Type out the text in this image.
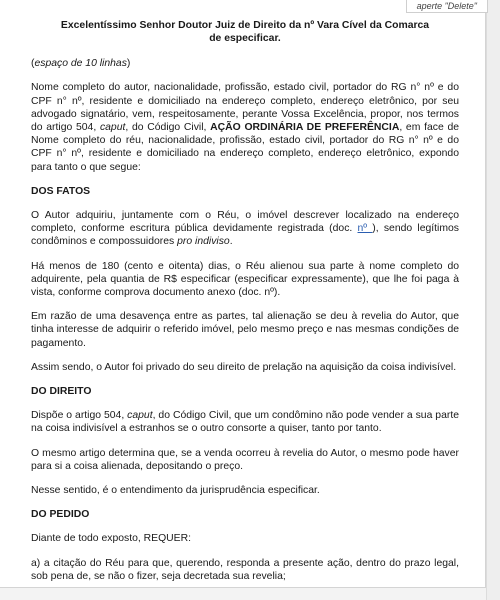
Excelentíssimo Senhor Doutor Juiz de Direito da nº Vara Cível da Comarca
de especificar.

(espaço de 10 linhas)

Nome completo do autor, nacionalidade, profissão, estado civil, portador do RG n° nº e do CPF n° nº, residente e domiciliado na endereço completo, endereço eletrônico, por seu advogado signatário, vem, respeitosamente, perante Vossa Excelência, propor, nos termos do artigo 504, caput, do Código Civil, AÇÃO ORDINÁRIA DE PREFERÊNCIA, em face de Nome completo do réu, nacionalidade, profissão, estado civil, portador do RG n° nº e do CPF n° nº, residente e domiciliado na endereço completo, endereço eletrônico, expondo para tanto o que segue:

DOS FATOS

O Autor adquiriu, juntamente com o Réu, o imóvel descrever localizado na endereço completo, conforme escritura pública devidamente registrada (doc. nº ), sendo legítimos condôminos e compossuidores pro indiviso.

Há menos de 180 (cento e oitenta) dias, o Réu alienou sua parte à nome completo do adquirente, pela quantia de R$ especificar (especificar expressamente), que lhe foi paga à vista, conforme comprova documento anexo (doc. nº).

Em razão de uma desavença entre as partes, tal alienação se deu à revelia do Autor, que tinha interesse de adquirir o referido imóvel, pelo mesmo preço e nas mesmas condições de pagamento.

Assim sendo, o Autor foi privado do seu direito de prelação na aquisição da coisa indivisível.

DO DIREITO

Dispõe o artigo 504, caput, do Código Civil, que um condômino não pode vender a sua parte na coisa indivisível a estranhos se o outro consorte a quiser, tanto por tanto.

O mesmo artigo determina que, se a venda ocorreu à revelia do Autor, o mesmo pode haver para si a coisa alienada, depositando o preço.

Nesse sentido, é o entendimento da jurisprudência especificar.

DO PEDIDO

Diante de todo exposto, REQUER:

a) a citação do Réu para que, querendo, responda a presente ação, dentro do prazo legal, sob pena de, se não o fizer, seja decretada sua revelia;

aperte "Delete"
